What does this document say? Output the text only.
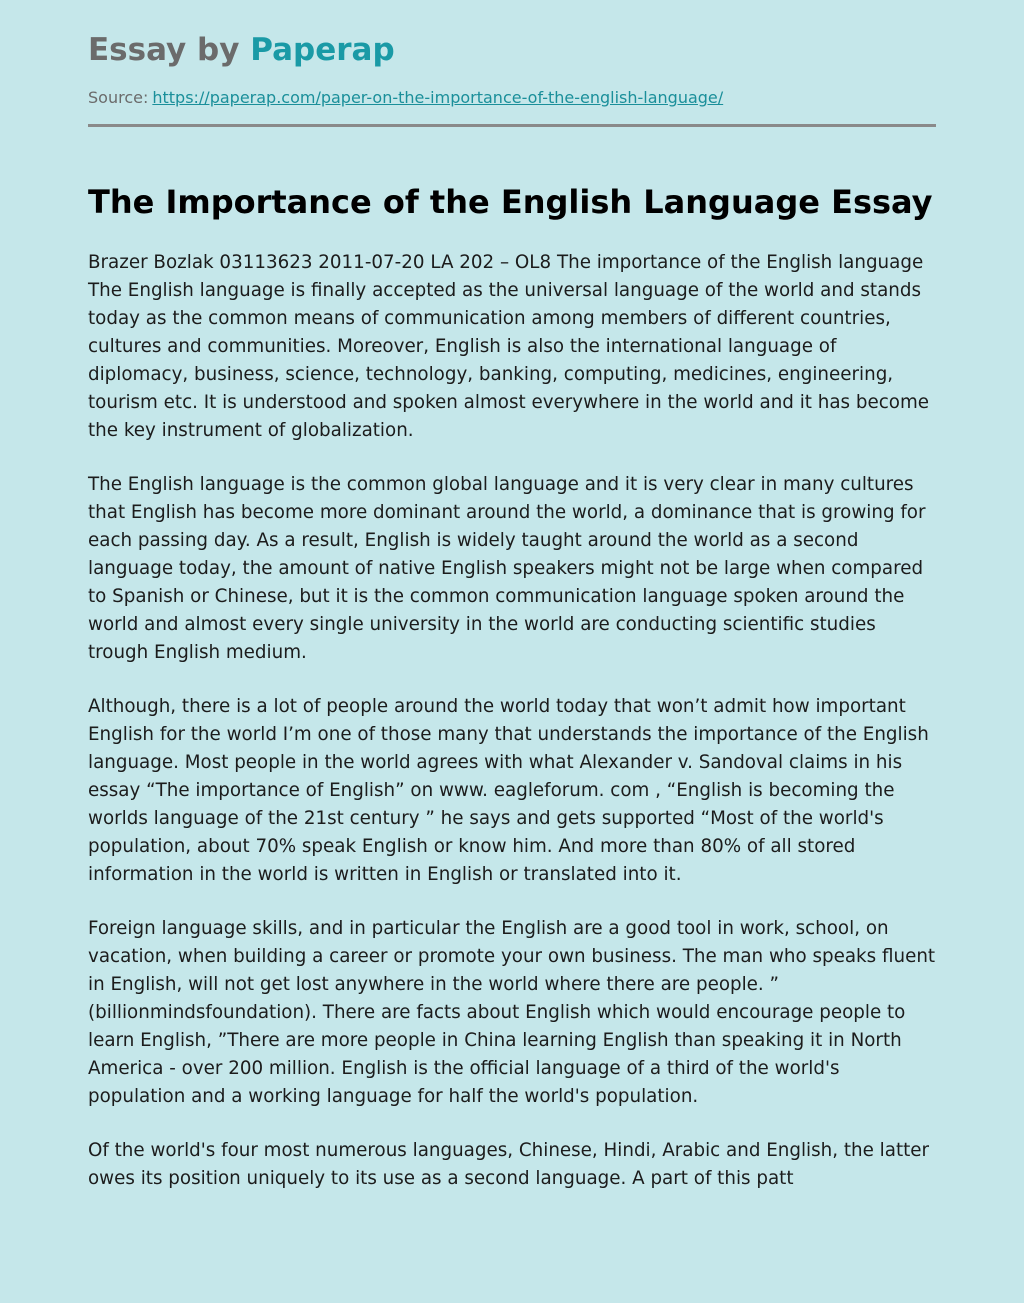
Essay by Paperap
Source: https://paperap.com/paper-on-the-importance-of-the-english-language/
The Importance of the English Language Essay

Brazer Bozlak 03113623 2011-07-20 LA 202 – OL8 The importance of the English language The English language is finally accepted as the universal language of the world and stands today as the common means of communication among members of different countries, cultures and communities. Moreover, English is also the international language of diplomacy, business, science, technology, banking, computing, medicines, engineering, tourism etc. It is understood and spoken almost everywhere in the world and it has become the key instrument of globalization.

The English language is the common global language and it is very clear in many cultures that English has become more dominant around the world, a dominance that is growing for each passing day. As a result, English is widely taught around the world as a second language today, the amount of native English speakers might not be large when compared to Spanish or Chinese, but it is the common communication language spoken around the world and almost every single university in the world are conducting scientific studies trough English medium.

Although, there is a lot of people around the world today that won’t admit how important English for the world I’m one of those many that understands the importance of the English language. Most people in the world agrees with what Alexander v. Sandoval claims in his essay “The importance of English” on www. eagleforum. com , “English is becoming the worlds language of the 21st century ” he says and gets supported “Most of the world's population, about 70% speak English or know him. And more than 80% of all stored information in the world is written in English or translated into it.

Foreign language skills, and in particular the English are a good tool in work, school, on vacation, when building a career or promote your own business. The man who speaks fluent in English, will not get lost anywhere in the world where there are people. ” (billionmindsfoundation). There are facts about English which would encourage people to learn English, ”There are more people in China learning English than speaking it in North America - over 200 million. English is the official language of a third of the world's population and a working language for half the world's population.

Of the world's four most numerous languages, Chinese, Hindi, Arabic and English, the latter owes its position uniquely to its use as a second language. A part of this patt
